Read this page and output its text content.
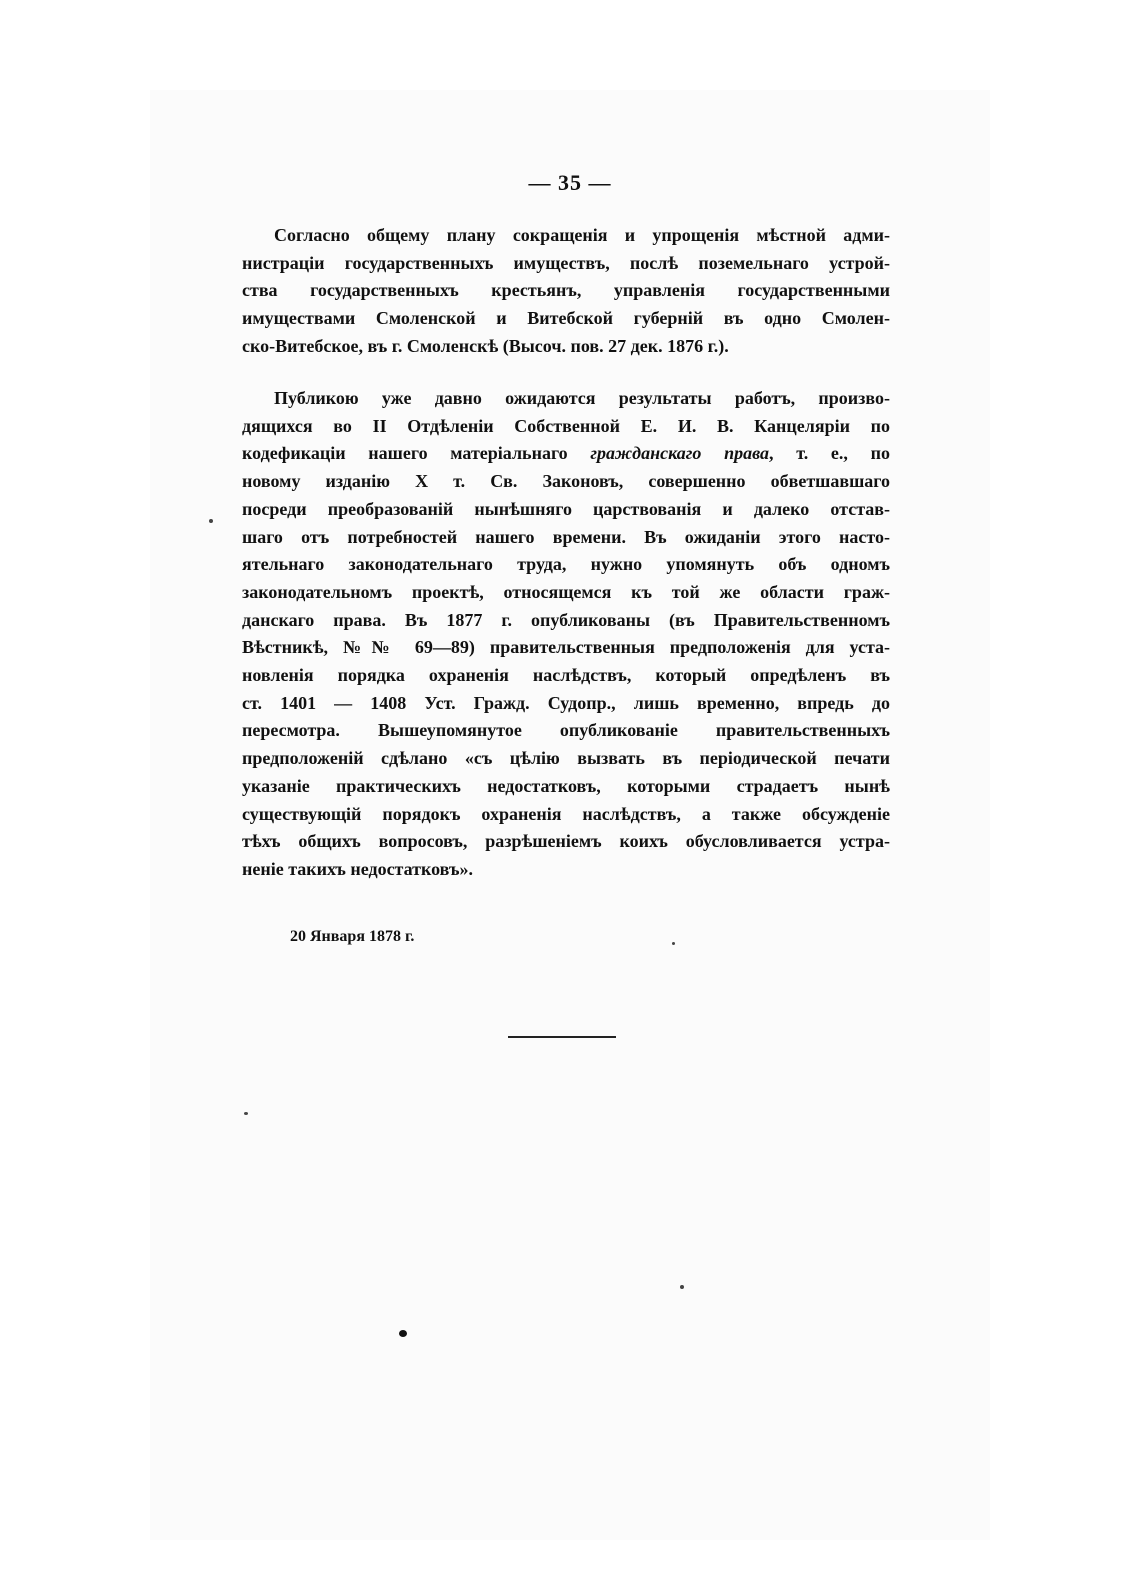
— 35 —

Согласно общему плану сокращенія и упрощенія мѣстной адми-
нистраціи государственныхъ имуществъ, послѣ поземельнаго устрой-
ства государственныхъ крестьянъ, управленія государственными
имуществами Смоленской и Витебской губерній въ одно Смолен-
ско-Витебское, въ г. Смоленскѣ (Высоч. пов. 27 дек. 1876 г.).
Публикою уже давно ожидаются результаты работъ, произво-
дящихся во II Отдѣленіи Собственной Е. И. В. Канцеляріи по
кодефикаціи нашего матеріальнаго гражданскаго права, т. е., по
новому изданію X т. Св. Законовъ, совершенно обветшавшаго
посреди преобразованій нынѣшняго царствованія и далеко отстав-
шаго отъ потребностей нашего времени. Въ ожиданіи этого насто-
ятельнаго законодательнаго труда, нужно упомянуть объ одномъ
законодательномъ проектѣ, относящемся къ той же области граж-
данскаго права. Въ 1877 г. опубликованы (въ Правительственномъ
Вѣстникѣ, №№ 69—89) правительственныя предположенія для уста-
новленія порядка охраненія наслѣдствъ, который опредѣленъ въ
ст. 1401 — 1408 Уст. Гражд. Судопр., лишь временно, впредь до
пересмотра. Вышеупомянутое опубликованіе правительственныхъ
предположеній сдѣлано «съ цѣлію вызвать въ періодической печати
указаніе практическихъ недостатковъ, которыми страдаетъ нынѣ
существующій порядокъ охраненія наслѣдствъ, а также обсужденіе
тѣхъ общихъ вопросовъ, разрѣшеніемъ коихъ обусловливается устра-
неніе такихъ недостатковъ».

20 Января 1878 г.
